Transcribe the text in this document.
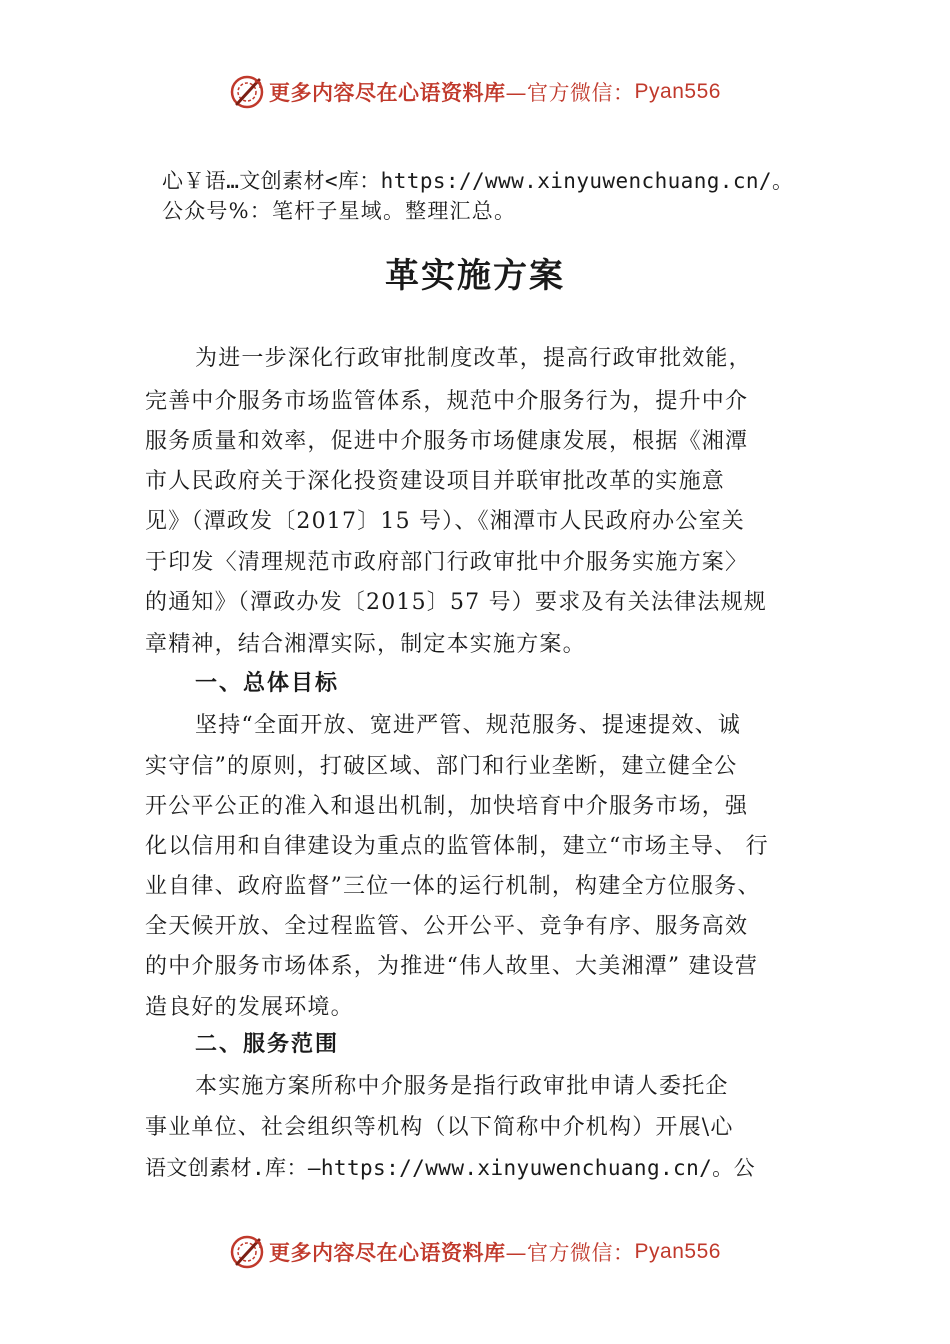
更多内容尽在心语资料库 —官方微信： Pyan556
心￥语…文创素材<库：https://www.xinyuwenchuang.cn/。
公众号%：笔杆子星域。整理汇总。
革实施方案
为进一步深化行政审批制度改革，提高行政审批效能，
完善中介服务市场监管体系，规范中介服务行为，提升中介
服务质量和效率，促进中介服务市场健康发展，根据《湘潭
市人民政府关于深化投资建设项目并联审批改革的实施意
见》（潭政发〔2017〕15 号）、《湘潭市人民政府办公室关
于印发〈清理规范市政府部门行政审批中介服务实施方案〉
的通知》（潭政办发〔2015〕57 号）要求及有关法律法规规
章精神，结合湘潭实际，制定本实施方案。
一、总体目标
坚持“全面开放、宽进严管、规范服务、提速提效、诚
实守信”的原则，打破区域、部门和行业垄断，建立健全公
开公平公正的准入和退出机制，加快培育中介服务市场，强
化以信用和自律建设为重点的监管体制，建立“市场主导、 行
业自律、政府监督”三位一体的运行机制，构建全方位服务、
全天候开放、全过程监管、公开公平、竞争有序、服务高效
的中介服务市场体系，为推进“伟人故里、大美湘潭” 建设营
造良好的发展环境。
二、服务范围
本实施方案所称中介服务是指行政审批申请人委托企
事业单位、社会组织等机构（以下简称中介机构）开展\心
语文创素材.库：—https://www.xinyuwenchuang.cn/。公
更多内容尽在心语资料库 —官方微信： Pyan556
